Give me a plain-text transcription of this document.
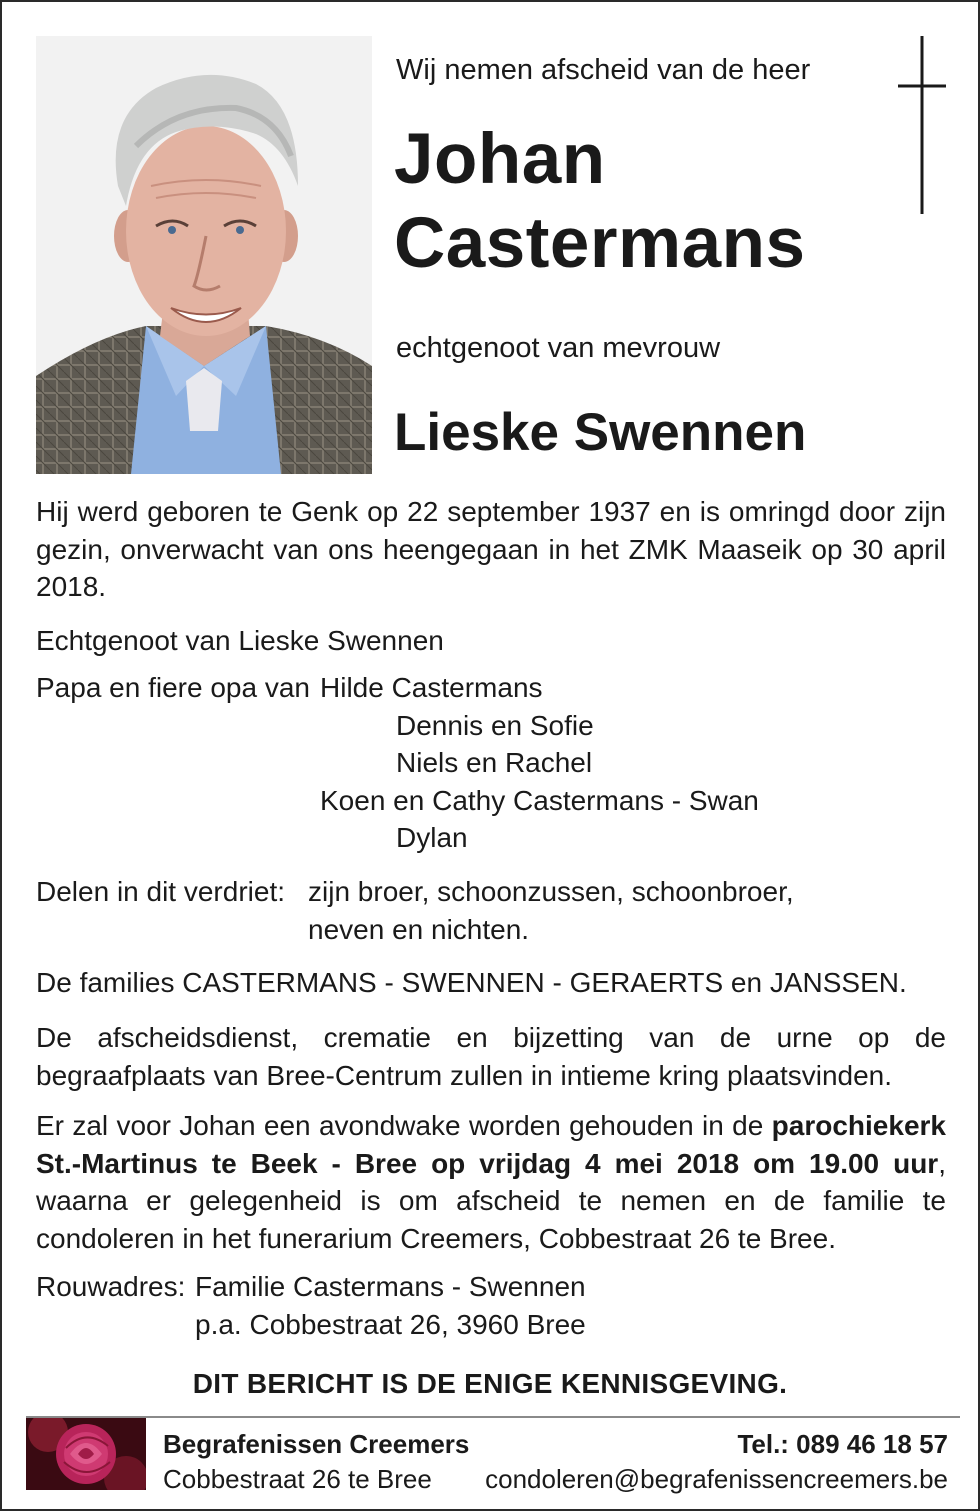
Wij nemen afscheid van de heer
Johan
Castermans
echtgenoot van mevrouw
Lieske Swennen

Hij werd geboren te Genk op 22 september 1937 en is omringd door zijn gezin, onverwacht van ons heengegaan in het ZMK Maaseik op 30 april 2018.

Echtgenoot van Lieske Swennen
Papa en fiere opa van Hilde Castermans
Dennis en Sofie
Niels en Rachel
Koen en Cathy Castermans - Swan
Dylan
Delen in dit verdriet: zijn broer, schoonzussen, schoonbroer,
neven en nichten.
De families CASTERMANS - SWENNEN - GERAERTS en JANSSEN.

De afscheidsdienst, crematie en bijzetting van de urne op de begraafplaats van Bree-Centrum zullen in intieme kring plaatsvinden.

Er zal voor Johan een avondwake worden gehouden in de parochiekerk St.-Martinus te Beek - Bree op vrijdag 4 mei 2018 om 19.00 uur, waarna er gelegenheid is om afscheid te nemen en de familie te condoleren in het funerarium Creemers, Cobbestraat 26 te Bree.

Rouwadres: Familie Castermans - Swennen
p.a. Cobbestraat 26, 3960 Bree
DIT BERICHT IS DE ENIGE KENNISGEVING.
Begrafenissen Creemers
Cobbestraat 26 te Bree
Tel.: 089 46 18 57
condoleren@begrafenissencreemers.be
